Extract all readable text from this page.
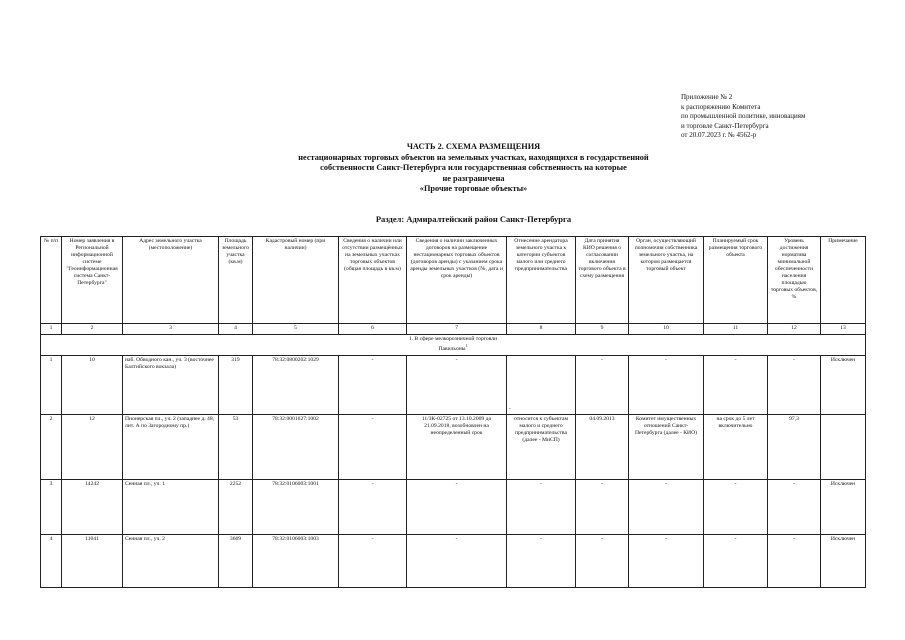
Приложение № 2
к распоряжению Комитета
по промышленной политике, инновациям
и торговле Санкт-Петербурга
от 20.07.2023 г. № 4562-р
ЧАСТЬ 2. СХЕМА РАЗМЕЩЕНИЯ
нестационарных торговых объектов на земельных участках, находящихся в государственной
собственности Санкт-Петербурга или государственная собственность на которые
не разграничена
«Прочие торговые объекты»
Раздел: Адмиралтейский район Санкт-Петербурга
№ п/п	Номер заявления в Региональной информационной системе "Геоинформационная система Санкт-Петербурга"	Адрес земельного участка (местоположение)	Площадь земельного участка (кв.м)	Кадастровый номер (при наличии)	Сведения о наличии или отсутствии размещённых на земельных участках торговых объектов (общая площадь в кв.м)	Сведения о наличии заключенных договоров на размещение нестационарных торговых объектов (договоров аренды) с указанием срока аренды земельных участков (№, дата и срок аренды)	Отнесение арендатора земельного участка к категории субъектов малого или среднего предпринимательства	Дата принятия КИО решения о согласовании включения торгового объекта в схему размещения	Орган, осуществляющий полномочия собственника земельного участка, на котором размещается торговый объект	Планируемый срок размещения торгового объекта	Уровень достижения норматива минимальной обеспеченности населения площадью торговых объектов, %	Примечание
1	2	3	4	5	6	7	8	9	10	11	12	13

1. В сфере мелкорозничной торговли
Павильоны$^1$

1	10	наб. Обводного кан., уч. 3 (восточнее Балтийского вокзала)	319	78:32:0800202:1029	-	-	-	-	-	-	-	Исключен
2	12	Пионерская пл., уч. 2 (западнее д. 48, лит. А по Загородному пр.)	53	78:32:0001627:1002	-	11/ЗК-02725 от 13.10.2009 до 21.09.2018, возобновлен на неопределенный срок	относится к субъектам малого и среднего предпринимательства (далее - МиСП)	04.09.2013	Комитет имущественных отношений Санкт-Петербурга (далее - КИО)	на срок до 5 лет включительно	97,3	
3	14242	Сенная пл., уч. 1	2252	78:32:0106003:1001	-	-	-	-	-	-	-	Исключен
4	11041	Сенная пл., уч. 2	3669	78:32:0106003:1003	-	-	-	-	-	-	-	Исключен
